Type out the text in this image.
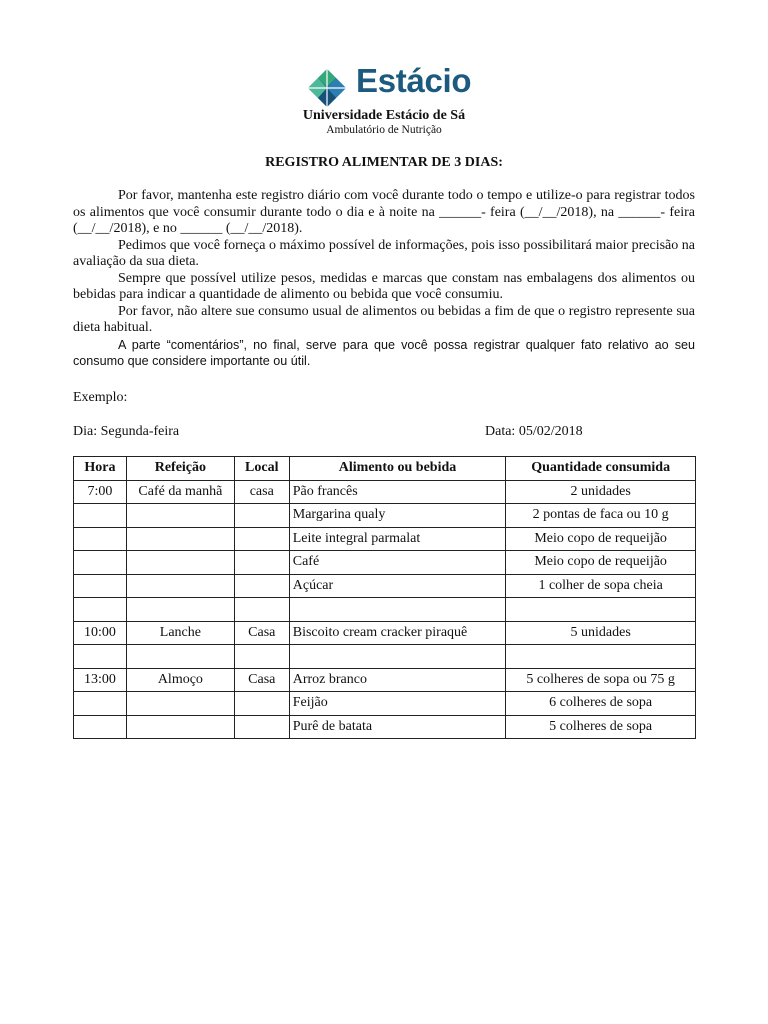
Estácio
Universidade Estácio de Sá
Ambulatório de Nutrição
REGISTRO ALIMENTAR DE 3 DIAS:

Por favor, mantenha este registro diário com você durante todo o tempo e utilize-o para registrar todos os alimentos que você consumir durante todo o dia e à noite na ______- feira (__/__/2018), na ______- feira (__/__/2018), e no ______ (__/__/2018).

Pedimos que você forneça o máximo possível de informações, pois isso possibilitará maior precisão na avaliação da sua dieta.

Sempre que possível utilize pesos, medidas e marcas que constam nas embalagens dos alimentos ou bebidas para indicar a quantidade de alimento ou bebida que você consumiu.

Por favor, não altere sue consumo usual de alimentos ou bebidas a fim de que o registro represente sua dieta habitual.

A parte “comentários”, no final, serve para que você possa registrar qualquer fato relativo ao seu consumo que considere importante ou útil.

Exemplo:
Dia: Segunda-feira	Data: 05/02/2018
Hora	Refeição	Local	Alimento ou bebida	Quantidade consumida
7:00	Café da manhã	casa	Pão francês	2 unidades
			Margarina qualy	2 pontas de faca ou 10 g
			Leite integral parmalat	Meio copo de requeijão
			Café	Meio copo de requeijão
			Açúcar	1 colher de sopa cheia

10:00	Lanche	Casa	Biscoito cream cracker piraquê	5 unidades

13:00	Almoço	Casa	Arroz branco	5 colheres de sopa ou 75 g
			Feijão	6 colheres de sopa
			Purê de batata	5 colheres de sopa
